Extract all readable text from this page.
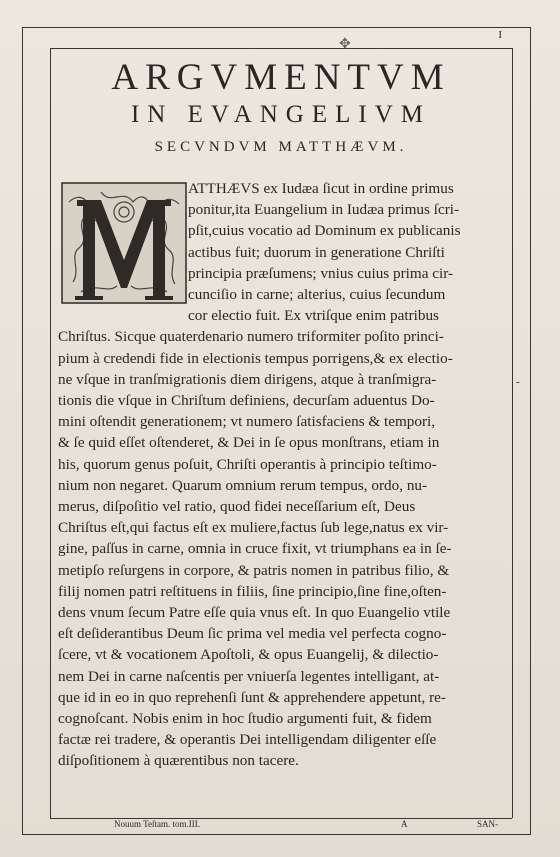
I
✥
ARGVMENTVM
IN EVANGELIVM
SECVNDVM MATTHÆVM.
ATTHÆVS ex Iudæa ſicut in ordine primus
ponitur,ita Euangelium in Iudæa primus ſcri-
pſit,cuius vocatio ad Dominum ex publicanis
actibus fuit; duorum in generatione Chriſti
principia præſumens; vnius cuius prima cir-
cunciſio in carne; alterius, cuius ſecundum
cor electio fuit. Ex vtriſque enim patribus
Chriſtus. Sicque quaterdenario numero triformiter poſito princi-
pium à credendi fide in electionis tempus porrigens,& ex electio-
ne vſque in tranſmigrationis diem dirigens, atque à tranſmigra-
tionis die vſque in Chriſtum definiens, decurſam aduentus Do-
mini oſtendit generationem; vt numero ſatisfaciens & tempori,
& ſe quid eſſet oſtenderet, & Dei in ſe opus monſtrans, etiam in
his, quorum genus poſuit, Chriſti operantis à principio teſtimo-
nium non negaret. Quarum omnium rerum tempus, ordo, nu-
merus, diſpoſitio vel ratio, quod fidei neceſſarium eſt, Deus
Chriſtus eſt,qui factus eſt ex muliere,factus ſub lege,natus ex vir-
gine, paſſus in carne, omnia in cruce fixit, vt triumphans ea in ſe-
metipſo reſurgens in corpore, & patris nomen in patribus filio, &
filij nomen patri reſtituens in filiis, ſine principio,ſine fine,oſten-
dens vnum ſecum Patre eſſe quia vnus eſt. In quo Euangelio vtile
eſt deſiderantibus Deum ſic prima vel media vel perfecta cogno-
ſcere, vt & vocationem Apoſtoli, & opus Euangelij, & dilectio-
nem Dei in carne naſcentis per vniuerſa legentes intelligant, at-
que id in eo in quo reprehenſi ſunt & apprehendere appetunt, re-
cognoſcant. Nobis enim in hoc ſtudio argumenti fuit, & fidem
factæ rei tradere, & operantis Dei intelligendam diligenter eſſe
diſpoſitionem à quærentibus non tacere.
-
Nouum Teſtam. tom.III.	A	SAN-
